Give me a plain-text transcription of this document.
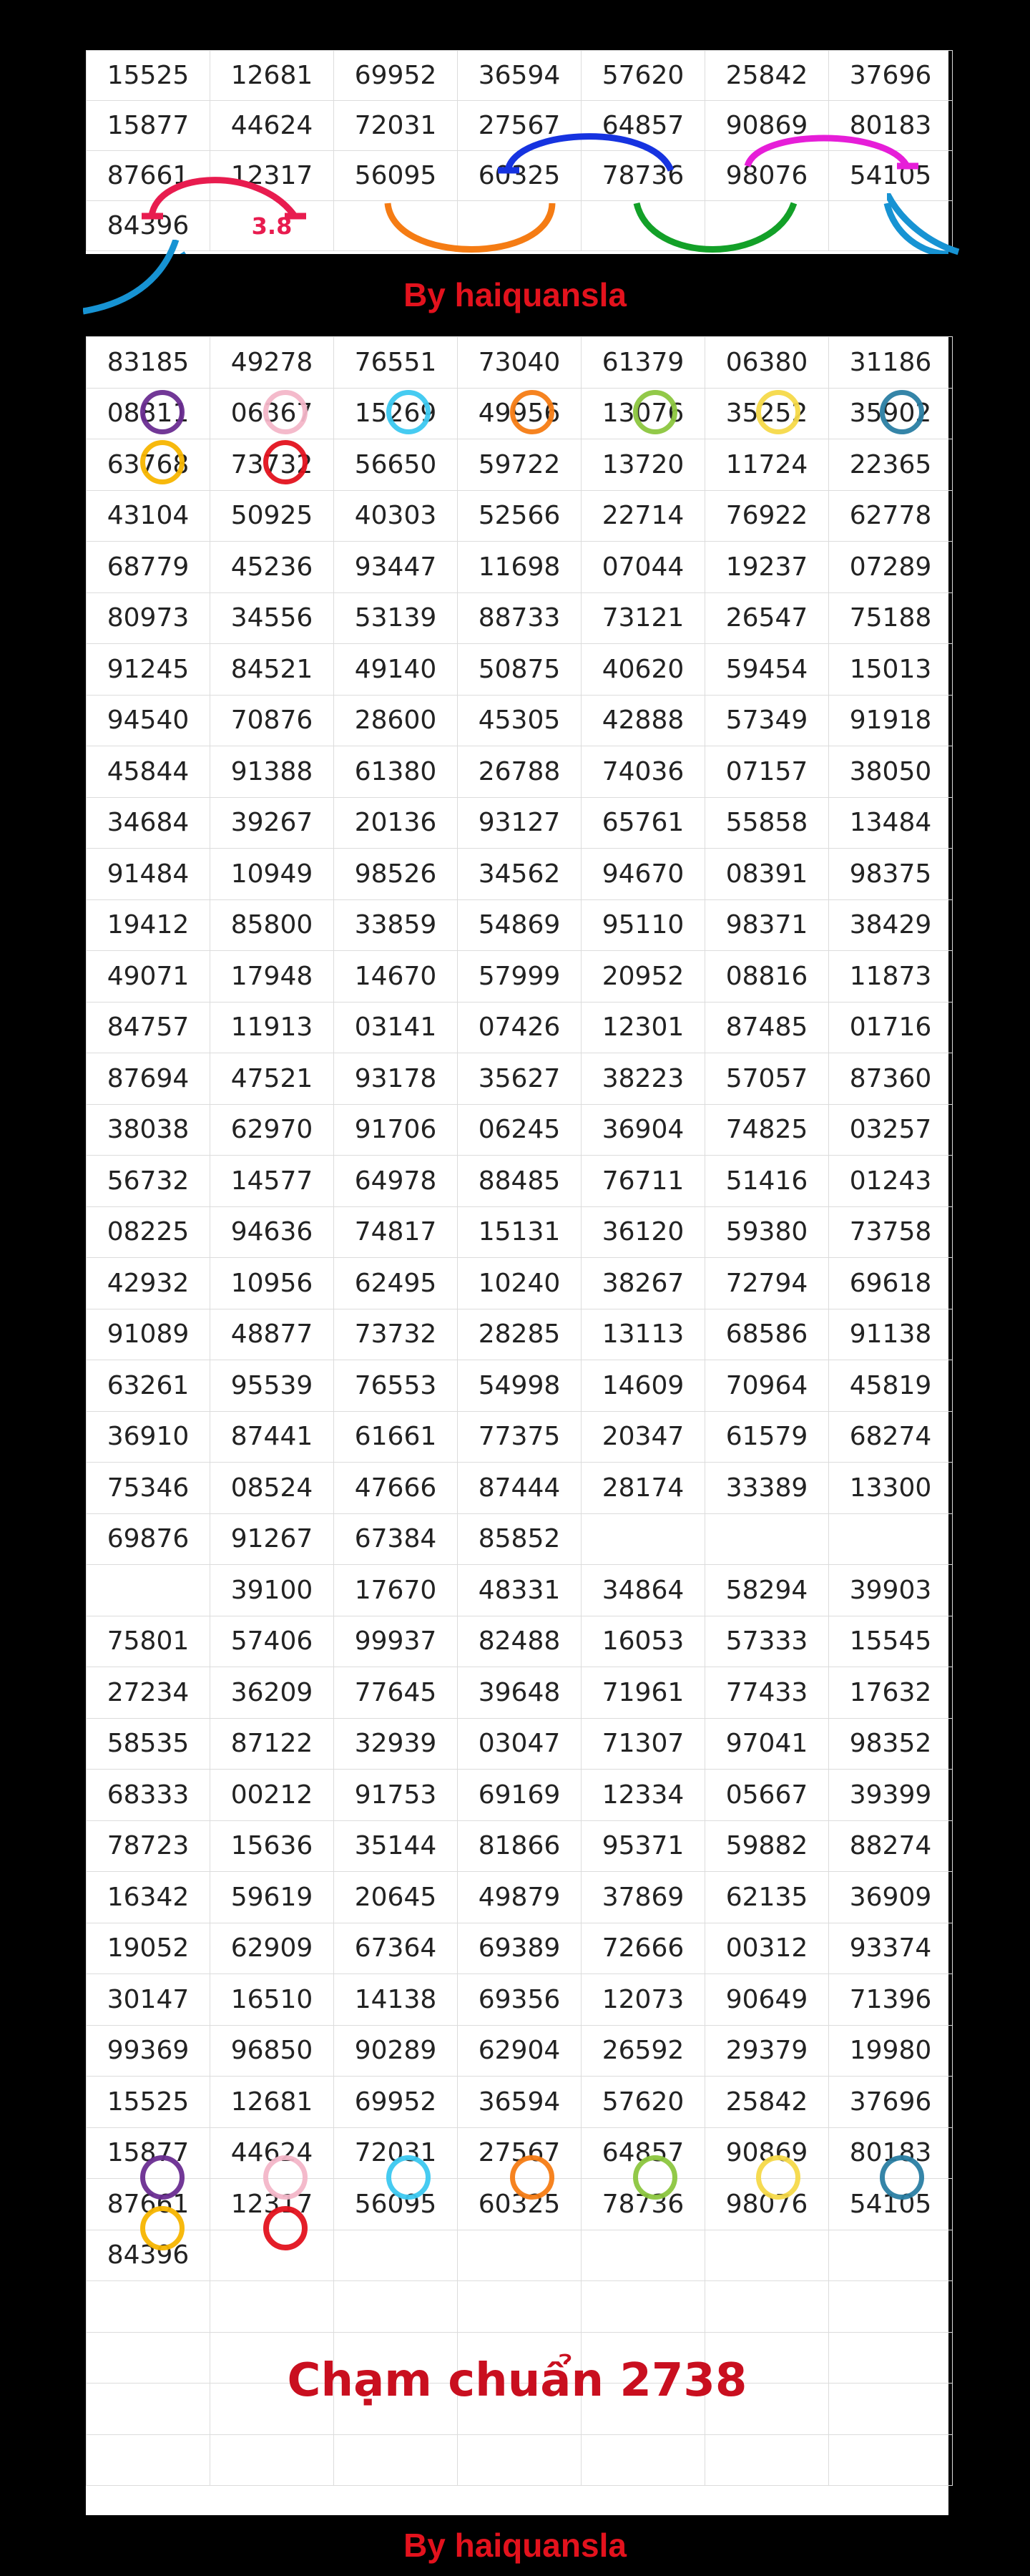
15525	12681	69952	36594	57620	25842	37696
15877	44624	72031	27567	64857	90869	80183
87661	12317	56095	60325	78736	98076	54105
84396	3.8					
By haiquansla
83185	49278	76551	73040	61379	06380	31186
08811	06367	15269	49956	13076	35252	35902
63768	73732	56650	59722	13720	11724	22365
43104	50925	40303	52566	22714	76922	62778
68779	45236	93447	11698	07044	19237	07289
80973	34556	53139	88733	73121	26547	75188
91245	84521	49140	50875	40620	59454	15013
94540	70876	28600	45305	42888	57349	91918
45844	91388	61380	26788	74036	07157	38050
34684	39267	20136	93127	65761	55858	13484
91484	10949	98526	34562	94670	08391	98375
19412	85800	33859	54869	95110	98371	38429
49071	17948	14670	57999	20952	08816	11873
84757	11913	03141	07426	12301	87485	01716
87694	47521	93178	35627	38223	57057	87360
38038	62970	91706	06245	36904	74825	03257
56732	14577	64978	88485	76711	51416	01243
08225	94636	74817	15131	36120	59380	73758
42932	10956	62495	10240	38267	72794	69618
91089	48877	73732	28285	13113	68586	91138
63261	95539	76553	54998	14609	70964	45819
36910	87441	61661	77375	20347	61579	68274
75346	08524	47666	87444	28174	33389	13300
69876	91267	67384	85852			
	39100	17670	48331	34864	58294	39903
75801	57406	99937	82488	16053	57333	15545
27234	36209	77645	39648	71961	77433	17632
58535	87122	32939	03047	71307	97041	98352
68333	00212	91753	69169	12334	05667	39399
78723	15636	35144	81866	95371	59882	88274
16342	59619	20645	49879	37869	62135	36909
19052	62909	67364	69389	72666	00312	93374
30147	16510	14138	69356	12073	90649	71396
99369	96850	90289	62904	26592	29379	19980
15525	12681	69952	36594	57620	25842	37696
15877	44624	72031	27567	64857	90869	80183
87661	12317	56095	60325	78736	98076	54105
84396						

Chạm chuẩn 2738
By haiquansla
